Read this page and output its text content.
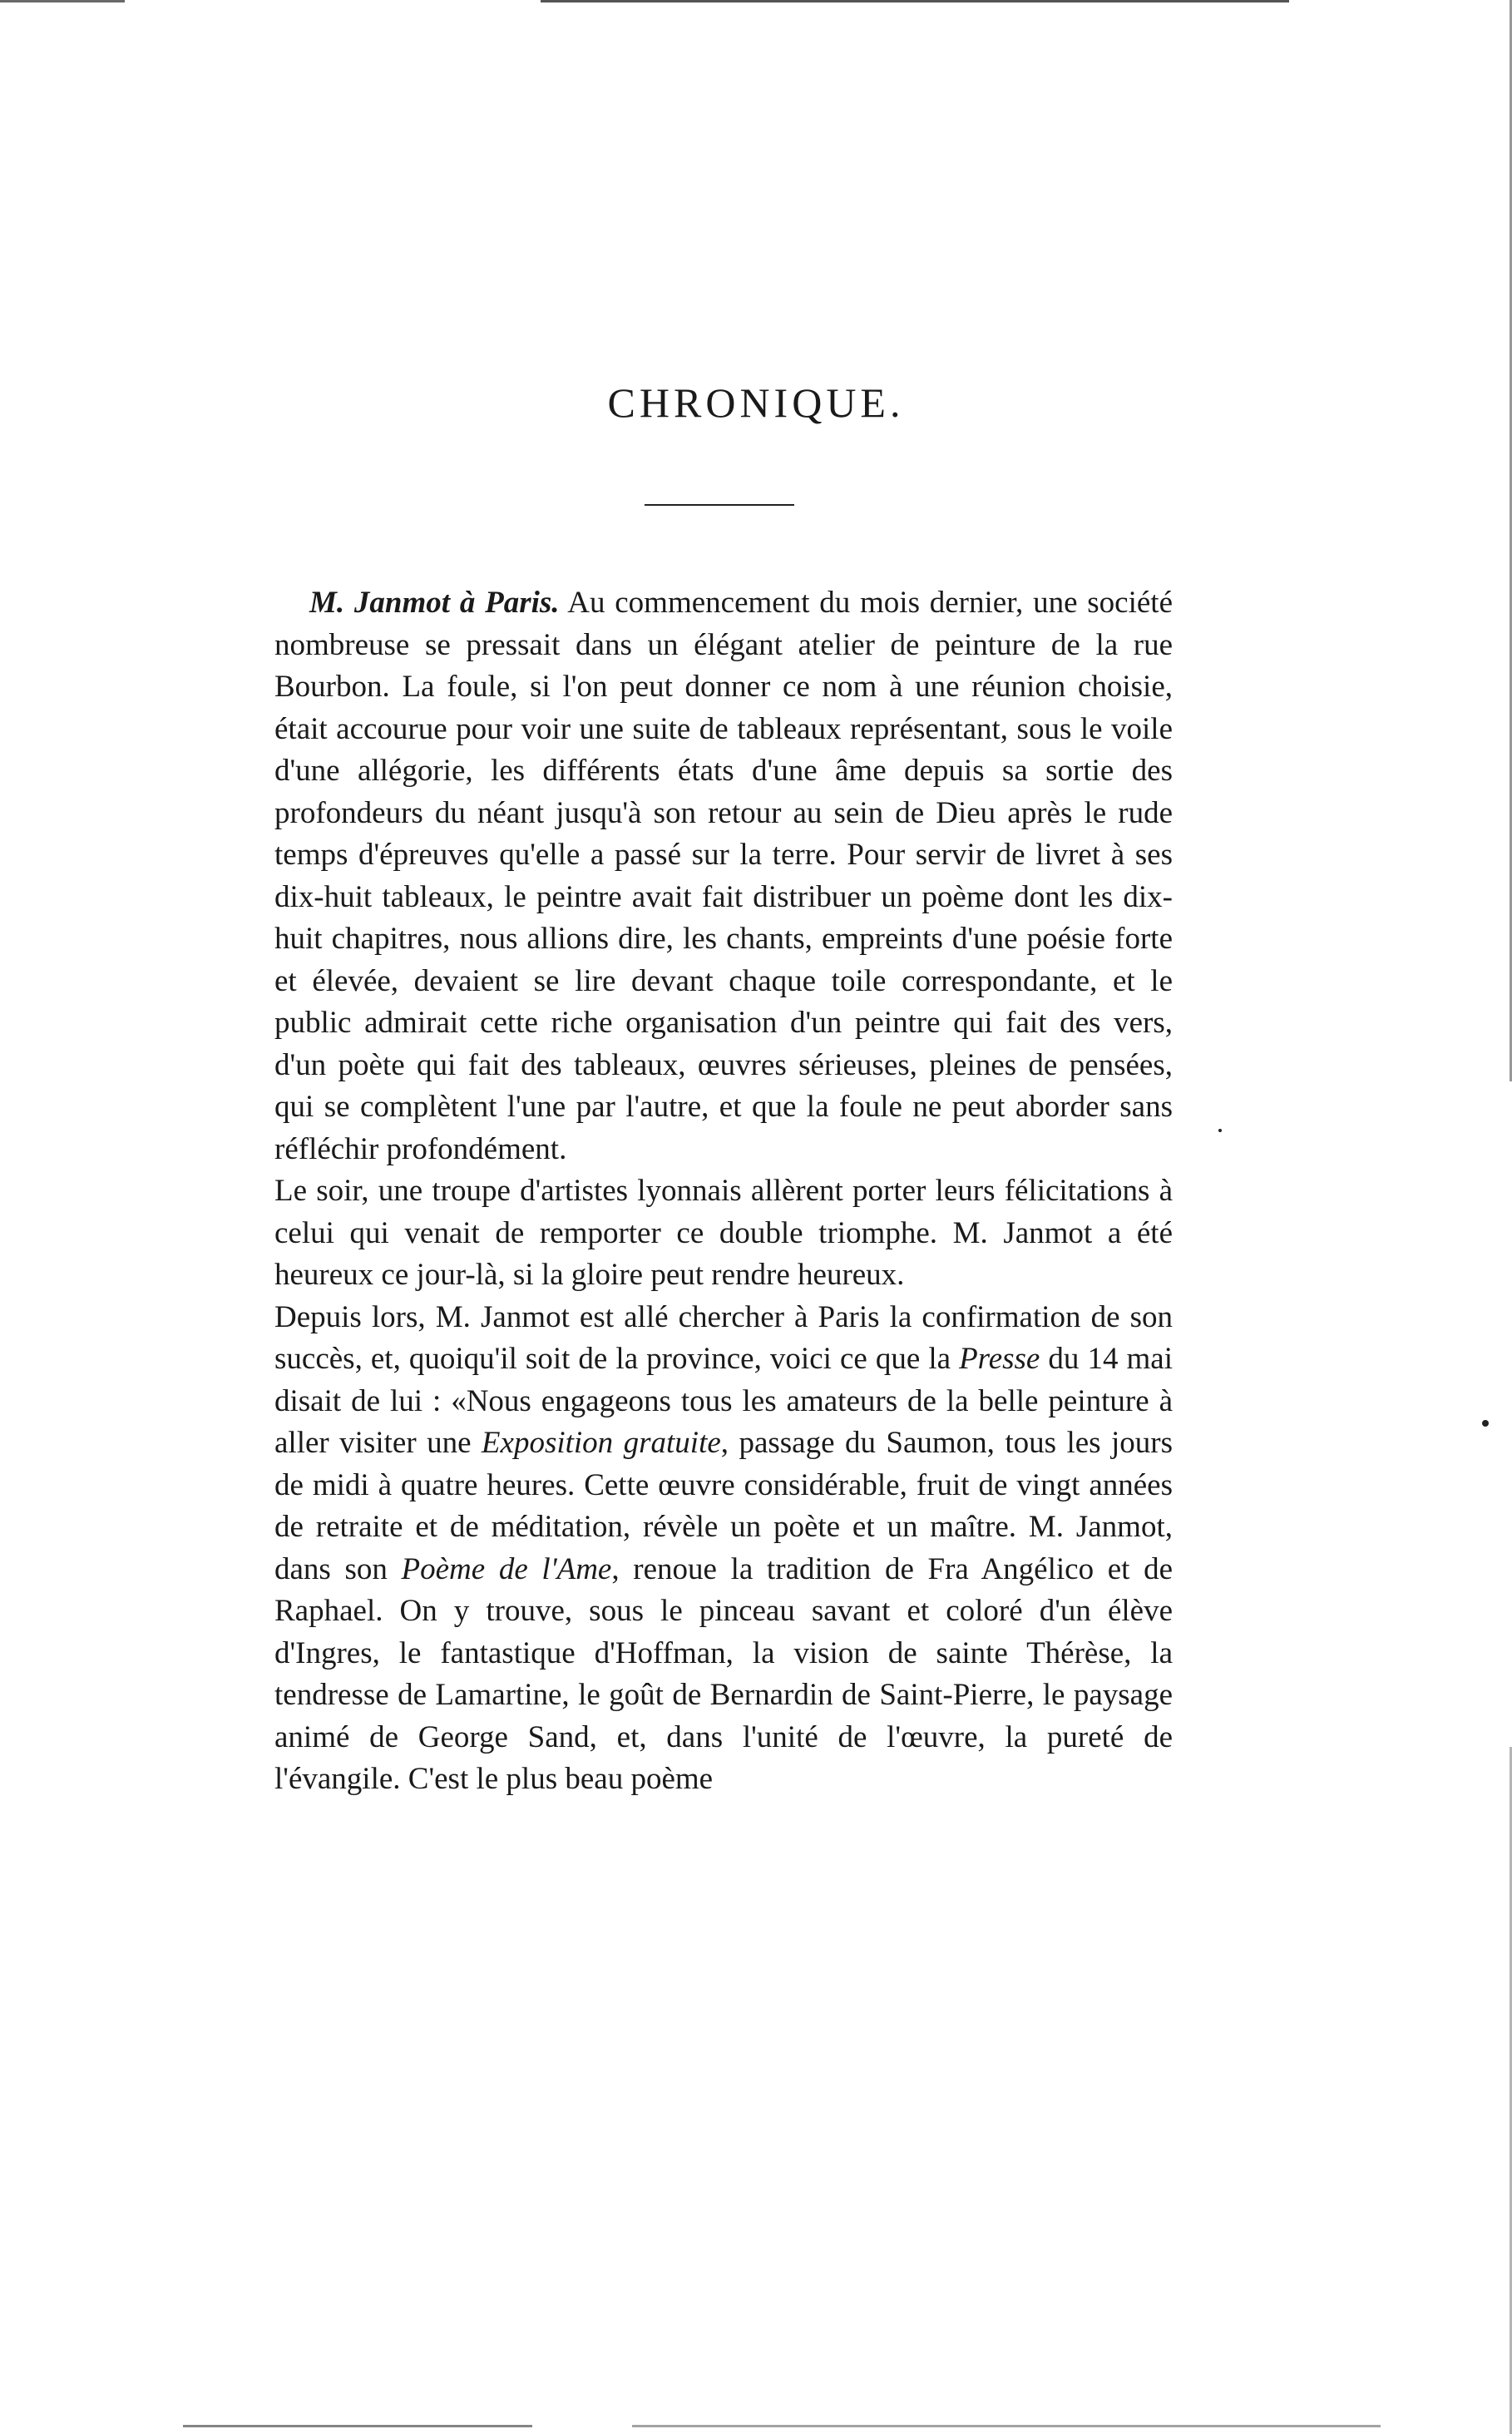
CHRONIQUE.

M. Janmot à Paris. Au commencement du mois dernier, une société nombreuse se pressait dans un élégant atelier de peinture de la rue Bourbon. La foule, si l'on peut donner ce nom à une réunion choisie, était accourue pour voir une suite de tableaux représentant, sous le voile d'une allégorie, les différents états d'une âme depuis sa sortie des profondeurs du néant jusqu'à son retour au sein de Dieu après le rude temps d'épreuves qu'elle a passé sur la terre. Pour servir de livret à ses dix-huit tableaux, le peintre avait fait distribuer un poème dont les dix-huit chapitres, nous allions dire, les chants, empreints d'une poésie forte et élevée, devaient se lire devant chaque toile correspondante, et le public admirait cette riche organisation d'un peintre qui fait des vers, d'un poète qui fait des tableaux, œuvres sérieuses, pleines de pensées, qui se complètent l'une par l'autre, et que la foule ne peut aborder sans réfléchir profondément.

Le soir, une troupe d'artistes lyonnais allèrent porter leurs félicitations à celui qui venait de remporter ce double triomphe. M. Janmot a été heureux ce jour-là, si la gloire peut rendre heureux.

Depuis lors, M. Janmot est allé chercher à Paris la confirmation de son succès, et, quoiqu'il soit de la province, voici ce que la Presse du 14 mai disait de lui : «Nous engageons tous les amateurs de la belle peinture à aller visiter une Exposition gratuite, passage du Saumon, tous les jours de midi à quatre heures. Cette œuvre considérable, fruit de vingt années de retraite et de méditation, révèle un poète et un maître. M. Janmot, dans son Poème de l'Ame, renoue la tradition de Fra Angélico et de Raphael. On y trouve, sous le pinceau savant et coloré d'un élève d'Ingres, le fantastique d'Hoffman, la vision de sainte Thérèse, la tendresse de Lamartine, le goût de Bernardin de Saint-Pierre, le paysage animé de George Sand, et, dans l'unité de l'œuvre, la pureté de l'évangile. C'est le plus beau poème
